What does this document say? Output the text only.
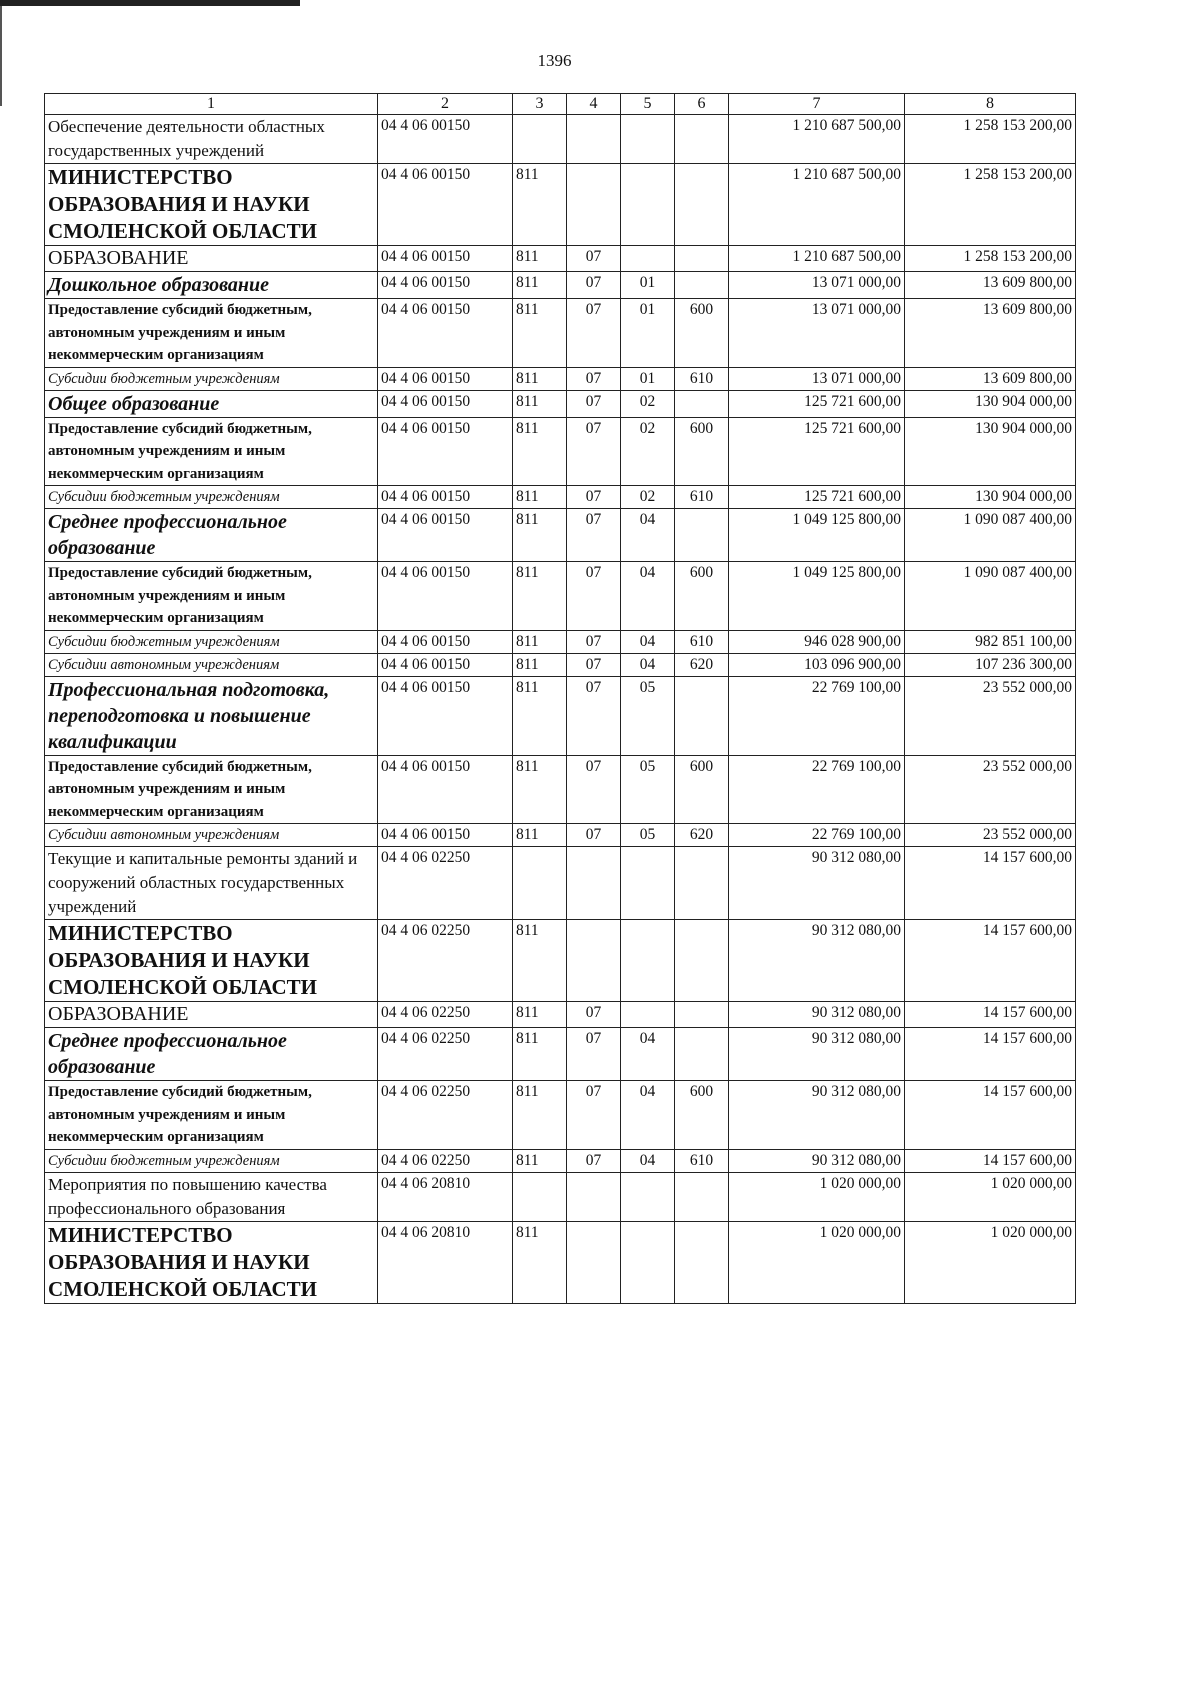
1396
1	2	3	4	5	6	7	8
Обеспечение деятельности областных государственных учреждений	04 4 06 00150					1 210 687 500,00	1 258 153 200,00
МИНИСТЕРСТВО ОБРАЗОВАНИЯ И НАУКИ СМОЛЕНСКОЙ ОБЛАСТИ	04 4 06 00150	811				1 210 687 500,00	1 258 153 200,00
ОБРАЗОВАНИЕ	04 4 06 00150	811	07			1 210 687 500,00	1 258 153 200,00
Дошкольное образование	04 4 06 00150	811	07	01		13 071 000,00	13 609 800,00
Предоставление субсидий бюджетным, автономным учреждениям и иным некоммерческим организациям	04 4 06 00150	811	07	01	600	13 071 000,00	13 609 800,00
Субсидии бюджетным учреждениям	04 4 06 00150	811	07	01	610	13 071 000,00	13 609 800,00
Общее образование	04 4 06 00150	811	07	02		125 721 600,00	130 904 000,00
Предоставление субсидий бюджетным, автономным учреждениям и иным некоммерческим организациям	04 4 06 00150	811	07	02	600	125 721 600,00	130 904 000,00
Субсидии бюджетным учреждениям	04 4 06 00150	811	07	02	610	125 721 600,00	130 904 000,00
Среднее профессиональное образование	04 4 06 00150	811	07	04		1 049 125 800,00	1 090 087 400,00
Предоставление субсидий бюджетным, автономным учреждениям и иным некоммерческим организациям	04 4 06 00150	811	07	04	600	1 049 125 800,00	1 090 087 400,00
Субсидии бюджетным учреждениям	04 4 06 00150	811	07	04	610	946 028 900,00	982 851 100,00
Субсидии автономным учреждениям	04 4 06 00150	811	07	04	620	103 096 900,00	107 236 300,00
Профессиональная подготовка, переподготовка и повышение квалификации	04 4 06 00150	811	07	05		22 769 100,00	23 552 000,00
Предоставление субсидий бюджетным, автономным учреждениям и иным некоммерческим организациям	04 4 06 00150	811	07	05	600	22 769 100,00	23 552 000,00
Субсидии автономным учреждениям	04 4 06 00150	811	07	05	620	22 769 100,00	23 552 000,00
Текущие и капитальные ремонты зданий и сооружений областных государственных учреждений	04 4 06 02250					90 312 080,00	14 157 600,00
МИНИСТЕРСТВО ОБРАЗОВАНИЯ И НАУКИ СМОЛЕНСКОЙ ОБЛАСТИ	04 4 06 02250	811				90 312 080,00	14 157 600,00
ОБРАЗОВАНИЕ	04 4 06 02250	811	07			90 312 080,00	14 157 600,00
Среднее профессиональное образование	04 4 06 02250	811	07	04		90 312 080,00	14 157 600,00
Предоставление субсидий бюджетным, автономным учреждениям и иным некоммерческим организациям	04 4 06 02250	811	07	04	600	90 312 080,00	14 157 600,00
Субсидии бюджетным учреждениям	04 4 06 02250	811	07	04	610	90 312 080,00	14 157 600,00
Мероприятия по повышению качества профессионального образования	04 4 06 20810					1 020 000,00	1 020 000,00
МИНИСТЕРСТВО ОБРАЗОВАНИЯ И НАУКИ СМОЛЕНСКОЙ ОБЛАСТИ	04 4 06 20810	811				1 020 000,00	1 020 000,00
